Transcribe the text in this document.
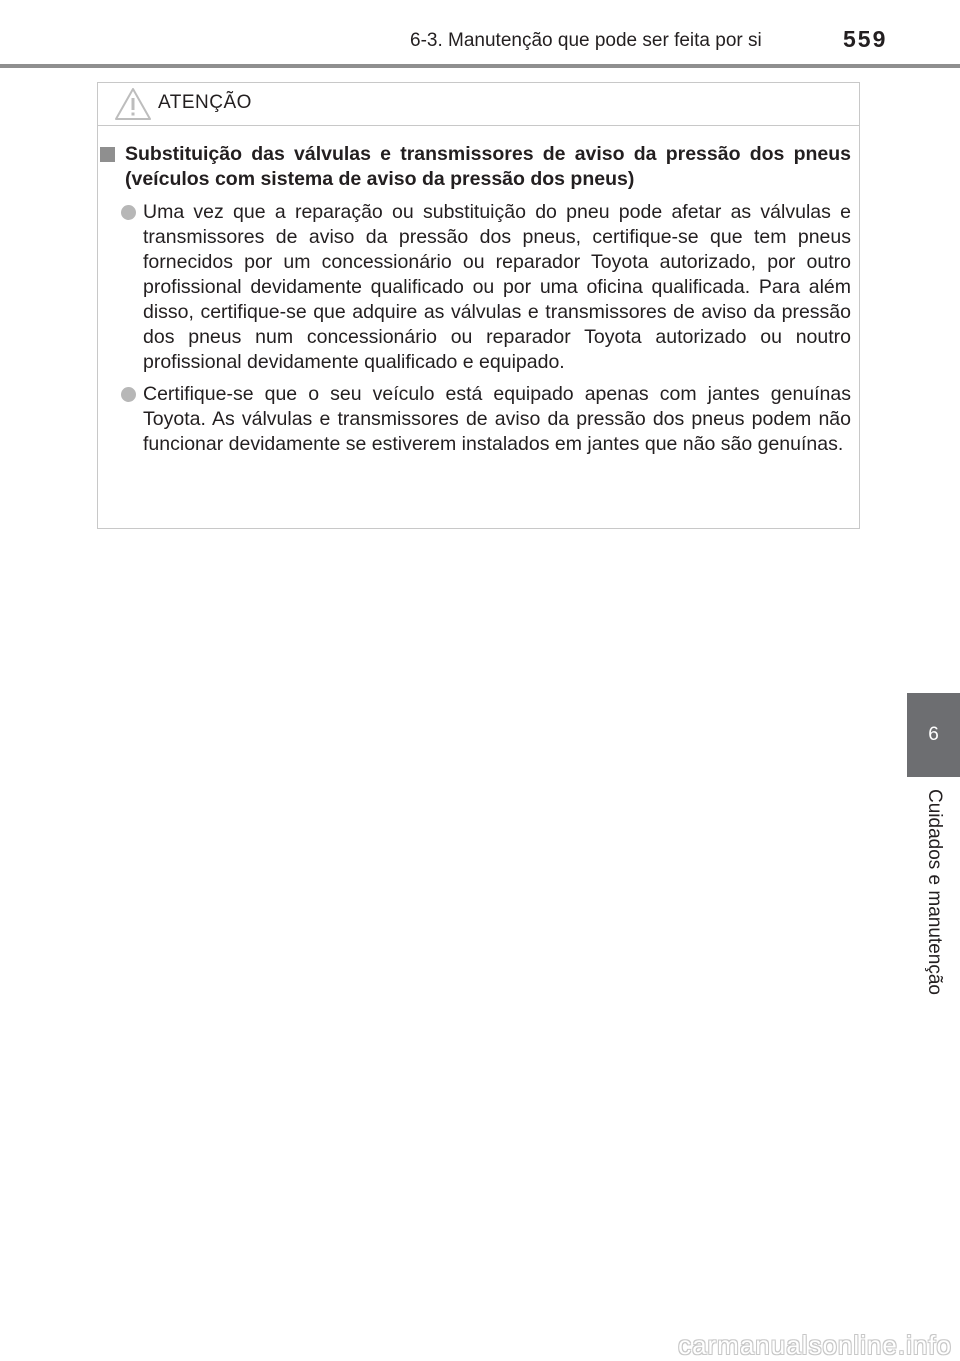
6-3. Manutenção que pode ser feita por si	559
6
Cuidados e manutenção
ATENÇÃO
Substituição das válvulas e transmissores de aviso da pressão dos pneus (veículos com sistema de aviso da pressão dos pneus)
Uma vez que a reparação ou substituição do pneu pode afetar as válvulas e transmissores de aviso da pressão dos pneus, certifique-se que tem pneus fornecidos por um concessionário ou reparador Toyota autorizado, por outro profissional devidamente qualificado ou por uma oficina qualificada. Para além disso, certifique-se que adquire as válvulas e transmissores de aviso da pressão dos pneus num concessionário ou reparador Toyota autorizado ou noutro profissional devidamente qualificado e equipado.
Certifique-se que o seu veículo está equipado apenas com jantes genuínas Toyota. As válvulas e transmissores de aviso da pressão dos pneus podem não funcionar devidamente se estiverem instalados em jantes que não são genuínas.
carmanualsonline.info
